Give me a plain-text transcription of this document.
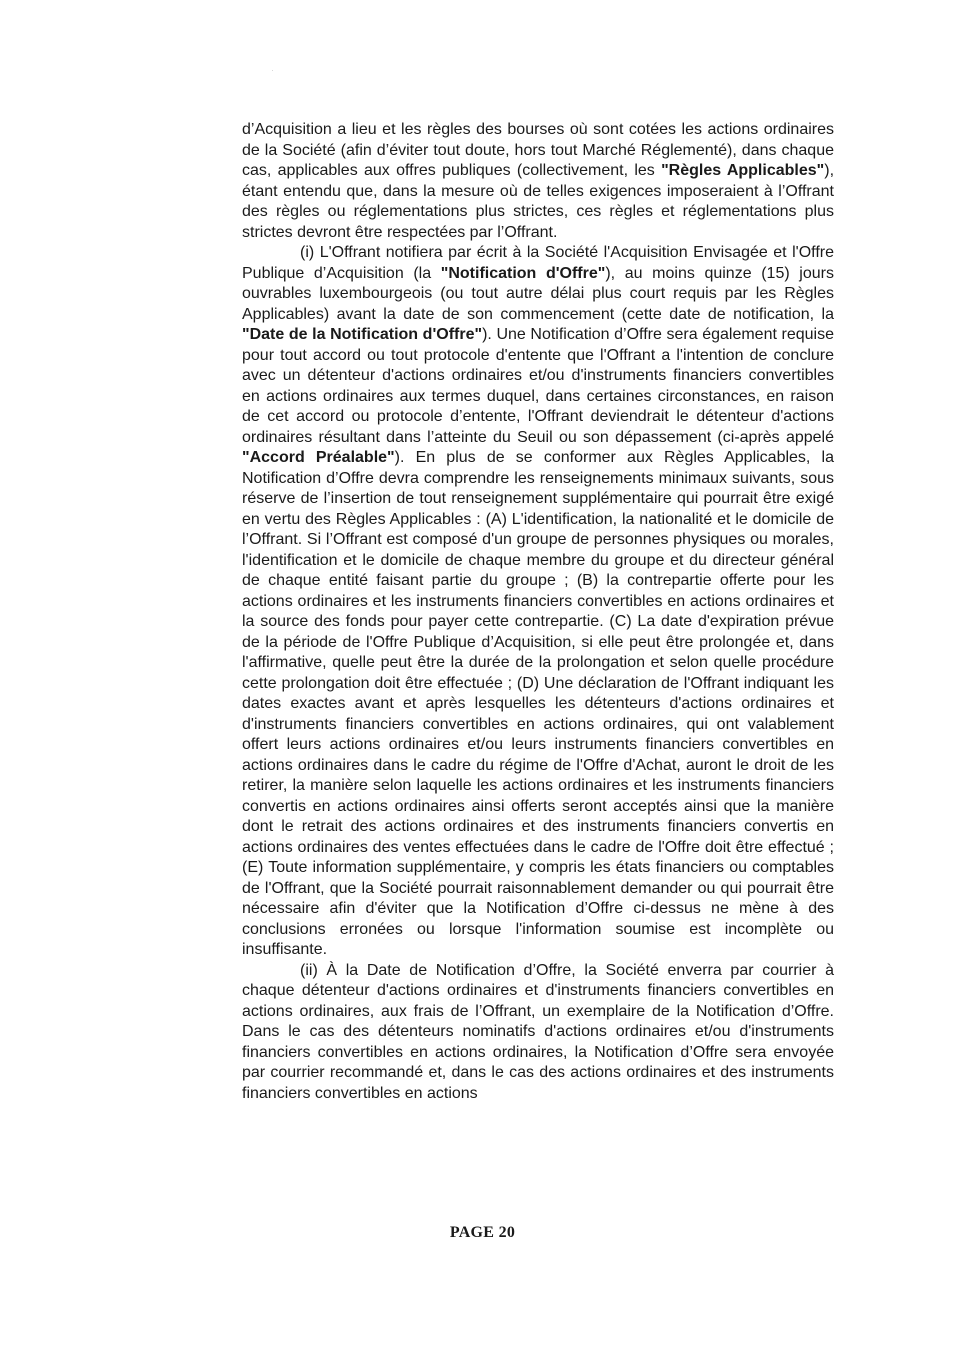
d’Acquisition a lieu et les règles des bourses où sont cotées les actions ordinaires de la Société (afin d’éviter tout doute, hors tout Marché Réglementé), dans chaque cas, applicables aux offres publiques (collectivement, les "Règles Applicables"), étant entendu que, dans la mesure où de telles exigences imposeraient à l’Offrant des règles ou réglementations plus strictes, ces règles et réglementations plus strictes devront être respectées par l’Offrant.

(i) L'Offrant notifiera par écrit à la Société l'Acquisition Envisagée et l'Offre Publique d’Acquisition (la "Notification d'Offre"), au moins quinze (15) jours ouvrables luxembourgeois (ou tout autre délai plus court requis par les Règles Applicables) avant la date de son commencement (cette date de notification, la "Date de la Notification d'Offre"). Une Notification d’Offre sera également requise pour tout accord ou tout protocole d'entente que l'Offrant a l'intention de conclure avec un détenteur d'actions ordinaires et/ou d'instruments financiers convertibles en actions ordinaires aux termes duquel, dans certaines circonstances, en raison de cet accord ou protocole d’entente, l'Offrant deviendrait le détenteur d'actions ordinaires résultant dans l’atteinte du Seuil ou son dépassement (ci-après appelé "Accord Préalable"). En plus de se conformer aux Règles Applicables, la Notification d’Offre devra comprendre les renseignements minimaux suivants, sous réserve de l’insertion de tout renseignement supplémentaire qui pourrait être exigé en vertu des Règles Applicables : (A) L'identification, la nationalité et le domicile de l’Offrant. Si l’Offrant est composé d'un groupe de personnes physiques ou morales, l'identification et le domicile de chaque membre du groupe et du directeur général de chaque entité faisant partie du groupe ; (B) la contrepartie offerte pour les actions ordinaires et les instruments financiers convertibles en actions ordinaires et la source des fonds pour payer cette contrepartie. (C) La date d'expiration prévue de la période de l'Offre Publique d’Acquisition, si elle peut être prolongée et, dans l'affirmative, quelle peut être la durée de la prolongation et selon quelle procédure cette prolongation doit être effectuée ; (D) Une déclaration de l'Offrant indiquant les dates exactes avant et après lesquelles les détenteurs d'actions ordinaires et d'instruments financiers convertibles en actions ordinaires, qui ont valablement offert leurs actions ordinaires et/ou leurs instruments financiers convertibles en actions ordinaires dans le cadre du régime de l'Offre d'Achat, auront le droit de les retirer, la manière selon laquelle les actions ordinaires et les instruments financiers convertis en actions ordinaires ainsi offerts seront acceptés ainsi que la manière dont le retrait des actions ordinaires et des instruments financiers convertis en actions ordinaires des ventes effectuées dans le cadre de l'Offre doit être effectué ; (E) Toute information supplémentaire, y compris les états financiers ou comptables de l'Offrant, que la Société pourrait raisonnablement demander ou qui pourrait être nécessaire afin d'éviter que la Notification d’Offre ci-dessus ne mène à des conclusions erronées ou lorsque l'information soumise est incomplète ou insuffisante.

(ii) À la Date de Notification d’Offre, la Société enverra par courrier à chaque détenteur d'actions ordinaires et d'instruments financiers convertibles en actions ordinaires, aux frais de l’Offrant, un exemplaire de la Notification d’Offre. Dans le cas des détenteurs nominatifs d'actions ordinaires et/ou d'instruments financiers convertibles en actions ordinaires, la Notification d’Offre sera envoyée par courrier recommandé et, dans le cas des actions ordinaires et des instruments financiers convertibles en actions

PAGE 20
